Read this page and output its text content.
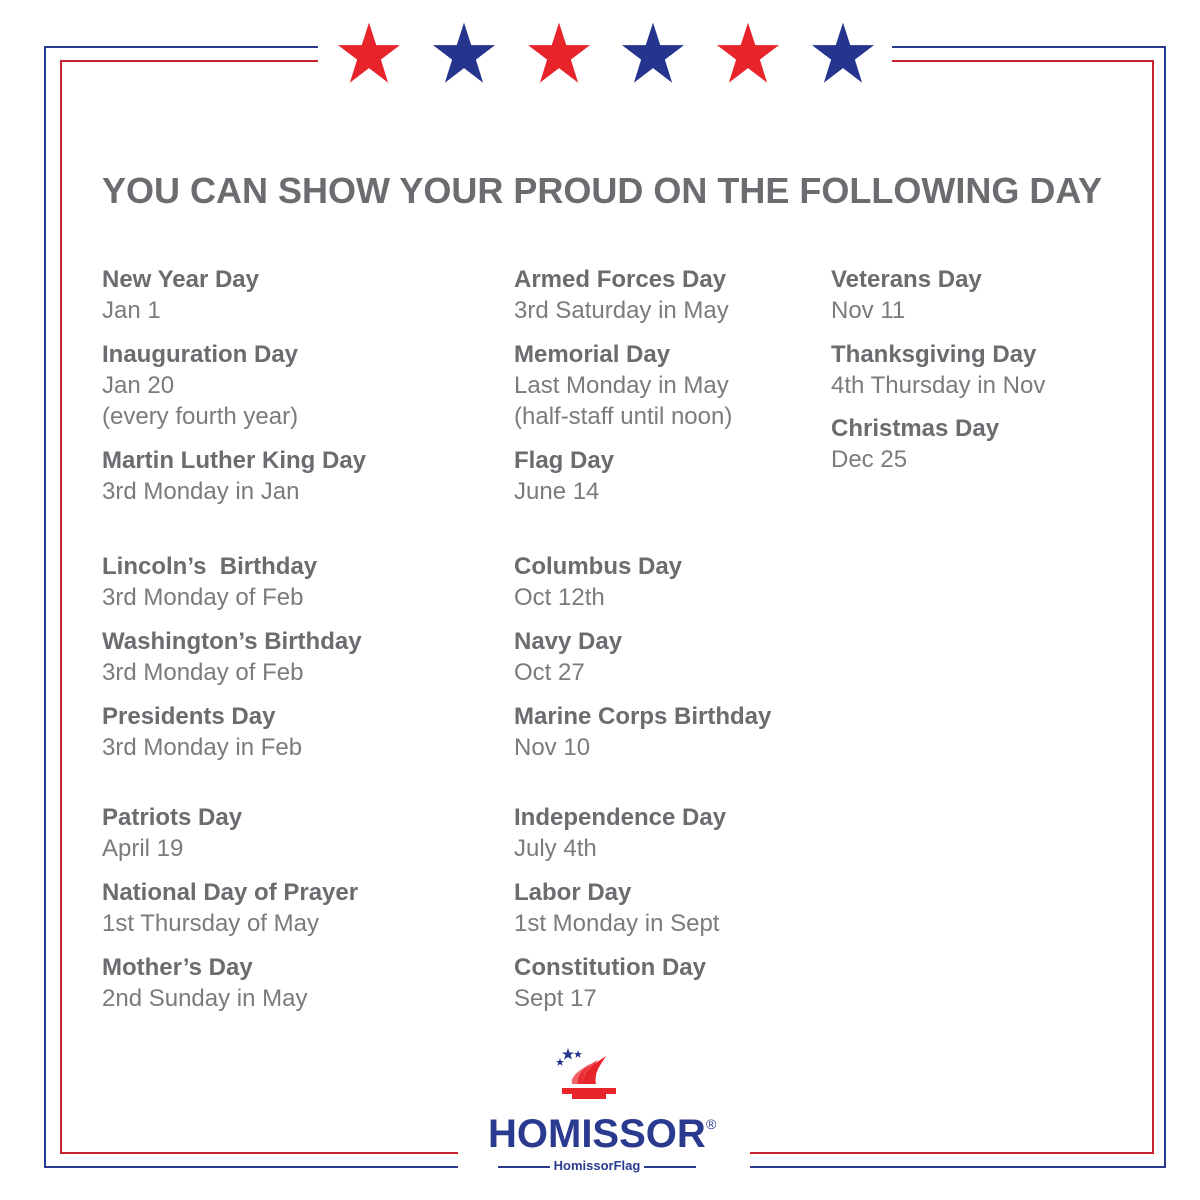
YOU CAN SHOW YOUR PROUD ON THE FOLLOWING DAY
New Year Day
Jan 1
Inauguration Day
Jan 20
(every fourth year)
Martin Luther King Day
3rd Monday in Jan
Lincoln’s  Birthday
3rd Monday of Feb
Washington’s Birthday
3rd Monday of Feb
Presidents Day
3rd Monday in Feb
Patriots Day
April 19
National Day of Prayer
1st Thursday of May
Mother’s Day
2nd Sunday in May
Armed Forces Day
3rd Saturday in May
Memorial Day
Last Monday in May
(half-staff until noon)
Flag Day
June 14
Columbus Day
Oct 12th
Navy Day
Oct 27
Marine Corps Birthday
Nov 10
Independence Day
July 4th
Labor Day
1st Monday in Sept
Constitution Day
Sept 17
Veterans Day
Nov 11
Thanksgiving Day
4th Thursday in Nov
Christmas Day
Dec 25
HOMISSOR ®
HomissorFlag
